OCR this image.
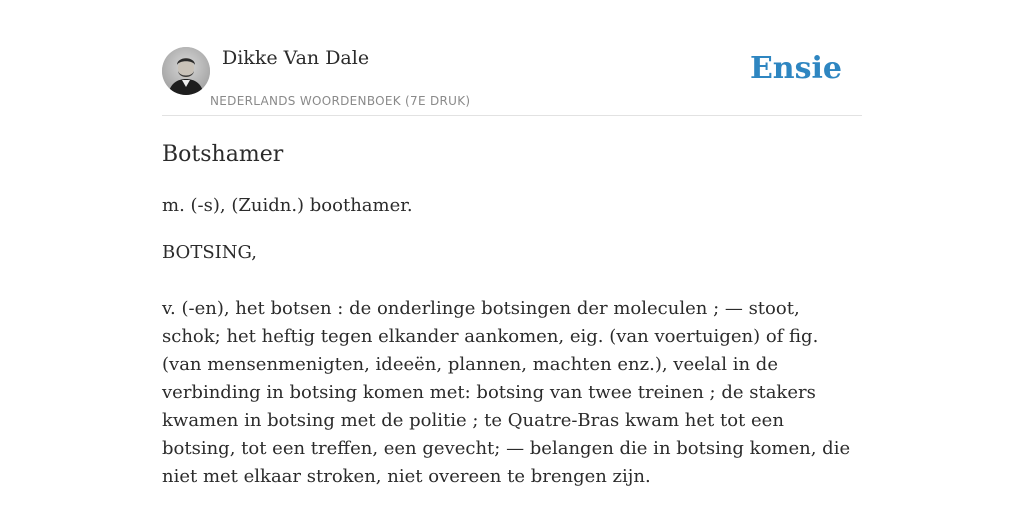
Dikke Van Dale
NEDERLANDS WOORDENBOEK (7E DRUK)
Ensie
Botshamer

m. (-s), (Zuidn.) boothamer.

BOTSING,

v. (-en), het botsen : de onderlinge botsingen der moleculen ; — stoot, schok; het heftig tegen elkander aankomen, eig. (van voertuigen) of fig. (van mensenmenigten, ideeën, plannen, machten enz.), veelal in de verbinding in botsing komen met: botsing van twee treinen ; de stakers kwamen in botsing met de politie ; te Quatre-Bras kwam het tot een botsing, tot een treffen, een gevecht; — belangen die in botsing komen, die niet met elkaar stroken, niet overeen te brengen zijn.
